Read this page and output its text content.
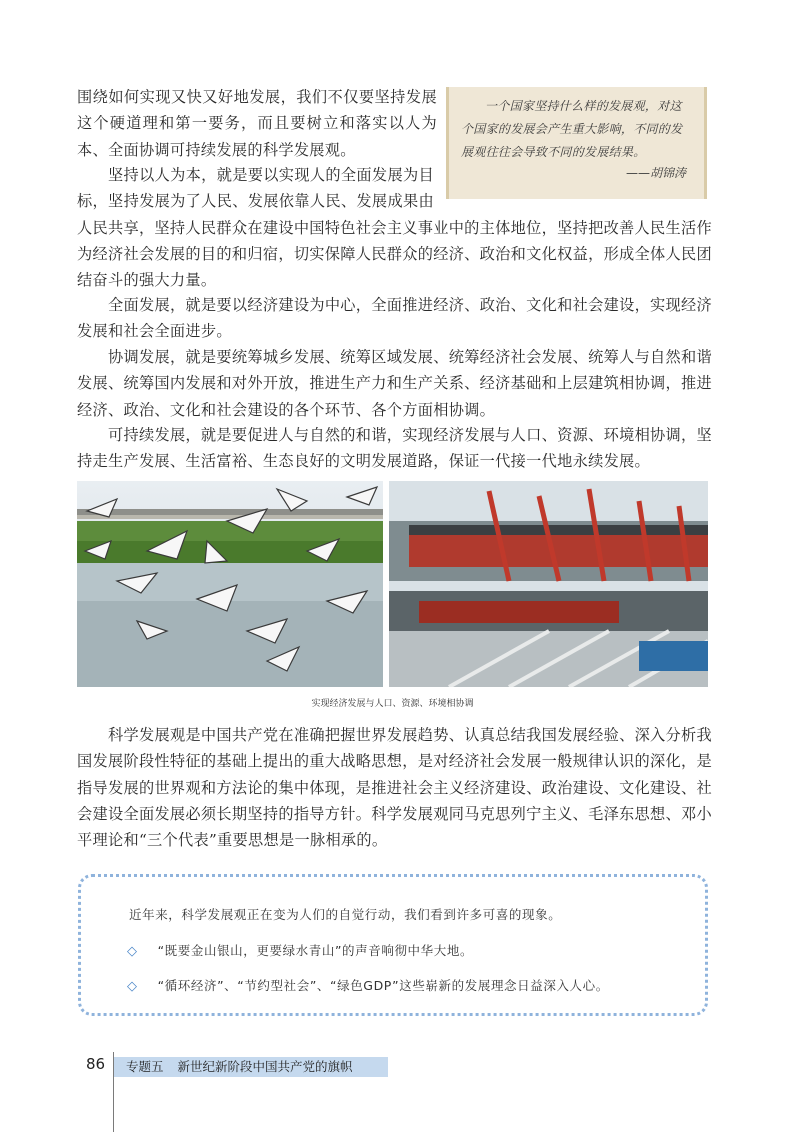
围绕如何实现又快又好地发展，我们不仅要坚持发展这个硬道理和第一要务，而且要树立和落实以人为本、全面协调可持续发展的科学发展观。

一个国家坚持什么样的发展观，对这个国家的发展会产生重大影响，不同的发展观往往会导致不同的发展结果。
——胡锦涛

坚持以人为本，就是要以实现人的全面发展为目标，坚持发展为了人民、发展依靠人民、发展成果由人民共享，坚持人民群众在建设中国特色社会主义事业中的主体地位，坚持把改善人民生活作为经济社会发展的目的和归宿，切实保障人民群众的经济、政治和文化权益，形成全体人民团结奋斗的强大力量。

全面发展，就是要以经济建设为中心，全面推进经济、政治、文化和社会建设，实现经济发展和社会全面进步。

协调发展，就是要统筹城乡发展、统筹区域发展、统筹经济社会发展、统筹人与自然和谐发展、统筹国内发展和对外开放，推进生产力和生产关系、经济基础和上层建筑相协调，推进经济、政治、文化和社会建设的各个环节、各个方面相协调。

可持续发展，就是要促进人与自然的和谐，实现经济发展与人口、资源、环境相协调，坚持走生产发展、生活富裕、生态良好的文明发展道路，保证一代接一代地永续发展。

实现经济发展与人口、资源、环境相协调

科学发展观是中国共产党在准确把握世界发展趋势、认真总结我国发展经验、深入分析我国发展阶段性特征的基础上提出的重大战略思想，是对经济社会发展一般规律认识的深化，是指导发展的世界观和方法论的集中体现，是推进社会主义经济建设、政治建设、文化建设、社会建设全面发展必须长期坚持的指导方针。科学发展观同马克思列宁主义、毛泽东思想、邓小平理论和“三个代表”重要思想是一脉相承的。

近年来，科学发展观正在变为人们的自觉行动，我们看到许多可喜的现象。
◇ “既要金山银山，更要绿水青山”的声音响彻中华大地。
◇ “循环经济”、“节约型社会”、“绿色GDP”这些崭新的发展理念日益深入人心。
86	专题五 新世纪新阶段中国共产党的旗帜
